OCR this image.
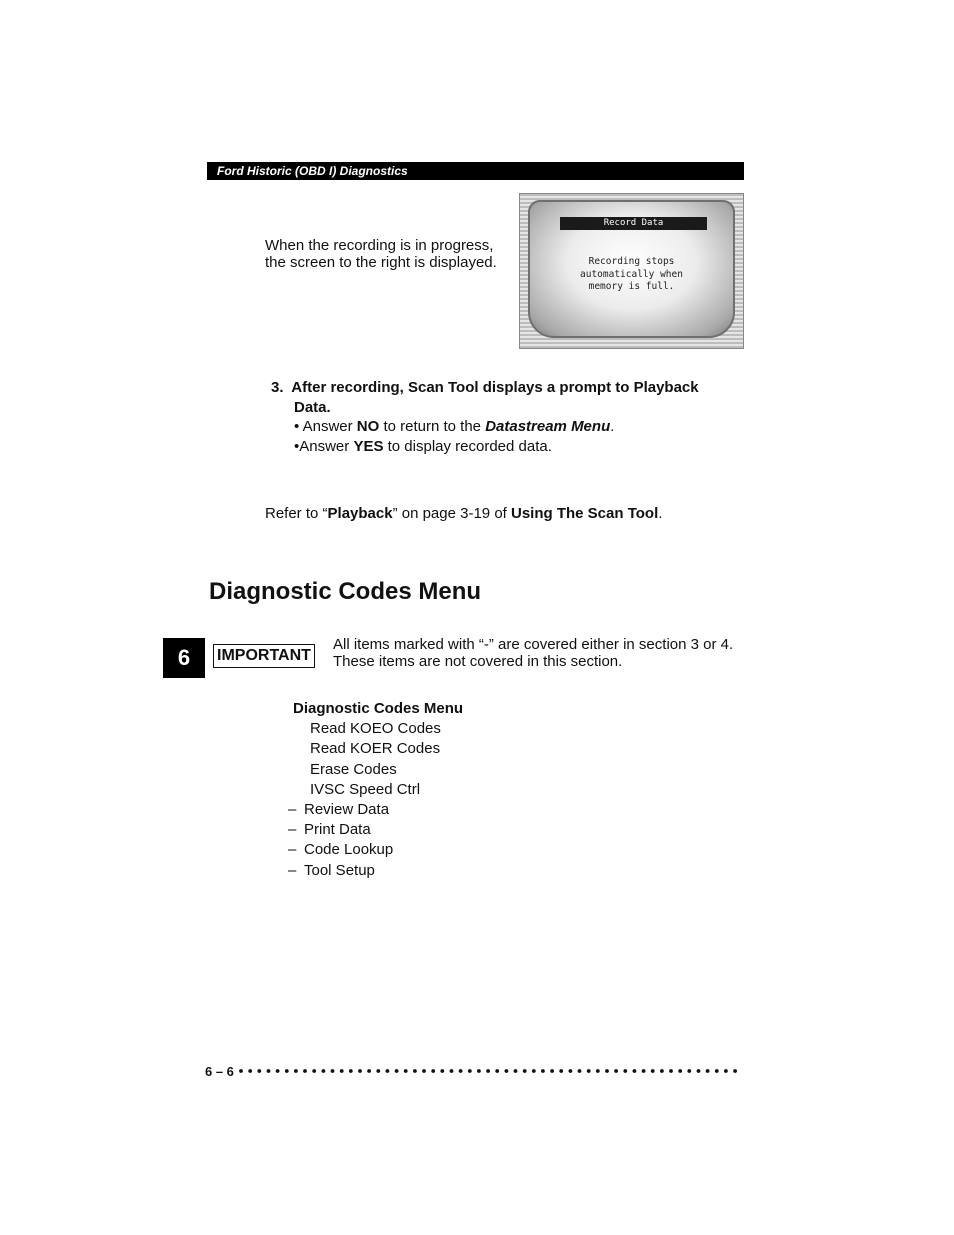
Ford Historic (OBD I) Diagnostics
When the recording is in progress,
the screen to the right is displayed.
Record Data
Recording stops
automatically when
memory is full.
3. After recording, Scan Tool displays a prompt to Playback
Data.
• Answer NO to return to the Datastream Menu.
•Answer YES to display recorded data.
Refer to “Playback” on page 3-19 of Using The Scan Tool.
Diagnostic Codes Menu
6	IMPORTANT
All items marked with “-” are covered either in section 3 or 4.
These items are not covered in this section.
Diagnostic Codes Menu
Read KOEO Codes
Read KOER Codes
Erase Codes
IVSC Speed Ctrl
– Review Data
– Print Data
– Code Lookup
– Tool Setup
6 – 6
